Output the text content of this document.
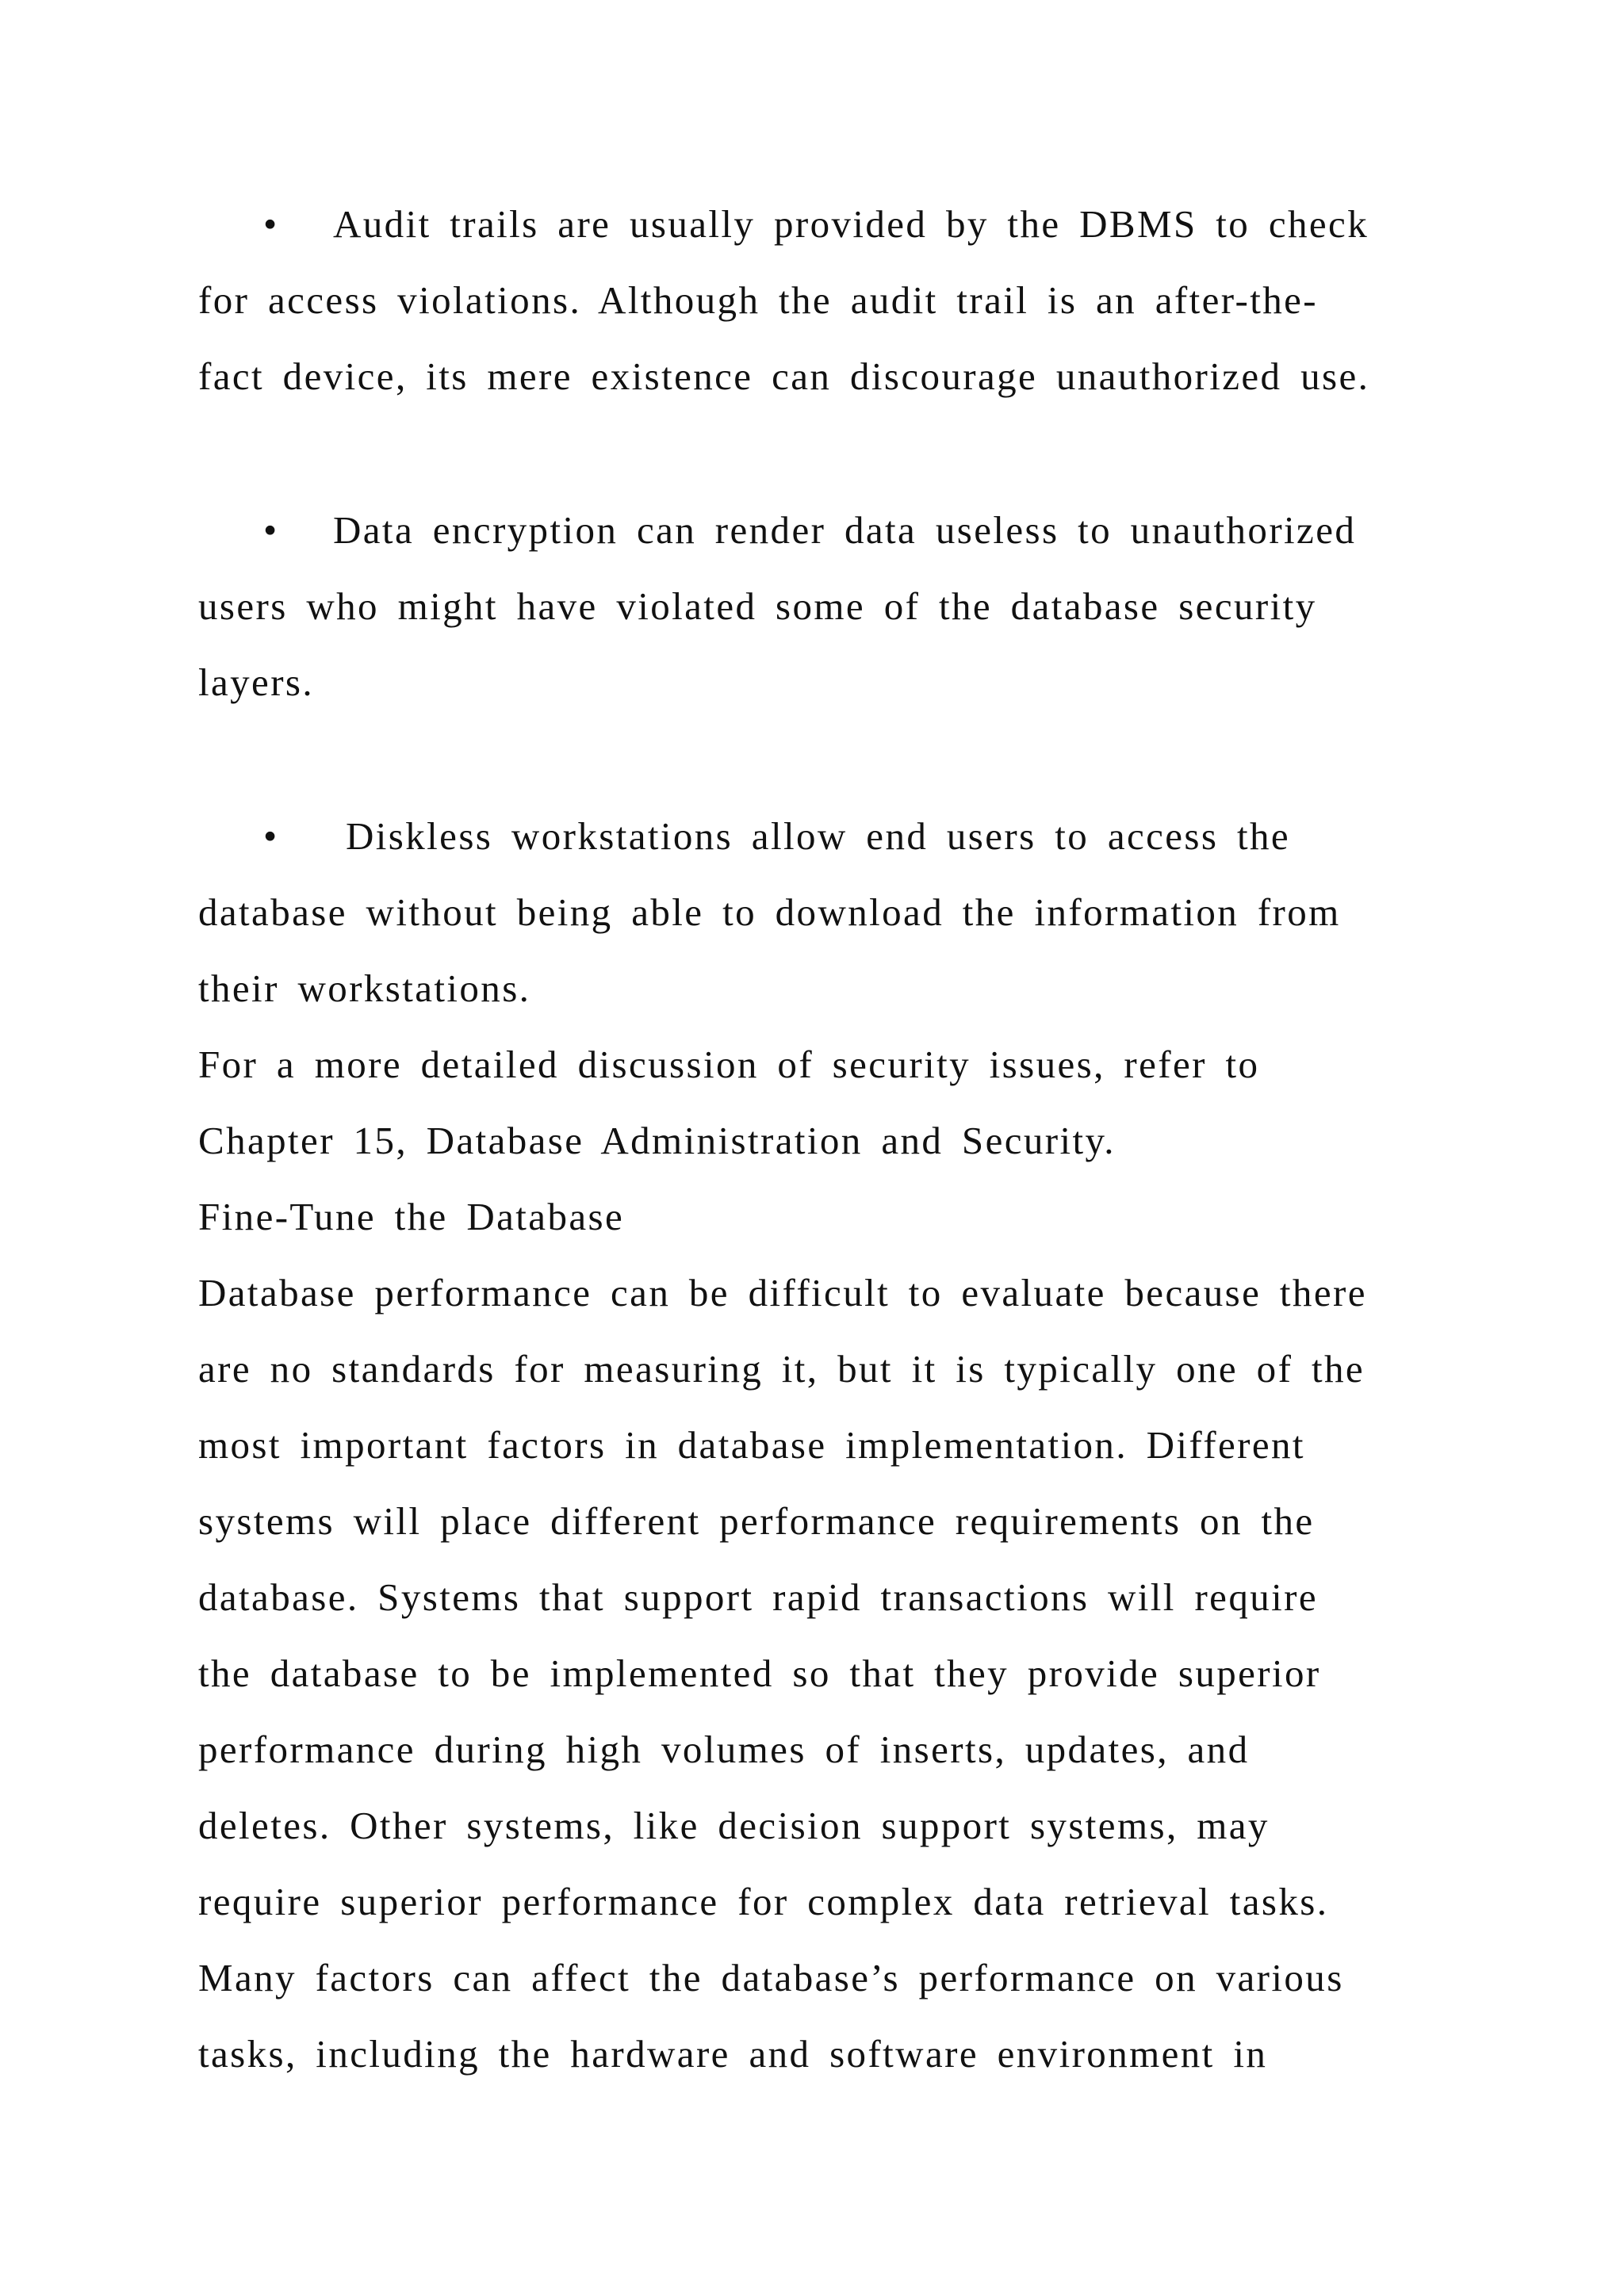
• Audit trails are usually provided by the DBMS to check
for access violations. Although the audit trail is an after-the-
fact device, its mere existence can discourage unauthorized use.
• Data encryption can render data useless to unauthorized
users who might have violated some of the database security
layers.
• Diskless workstations allow end users to access the
database without being able to download the information from
their workstations.
For a more detailed discussion of security issues, refer to
Chapter 15, Database Administration and Security.
Fine-Tune the Database
Database performance can be difficult to evaluate because there
are no standards for measuring it, but it is typically one of the
most important factors in database implementation. Different
systems will place different performance requirements on the
database. Systems that support rapid transactions will require
the database to be implemented so that they provide superior
performance during high volumes of inserts, updates, and
deletes. Other systems, like decision support systems, may
require superior performance for complex data retrieval tasks.
Many factors can affect the database’s performance on various
tasks, including the hardware and software environment in
